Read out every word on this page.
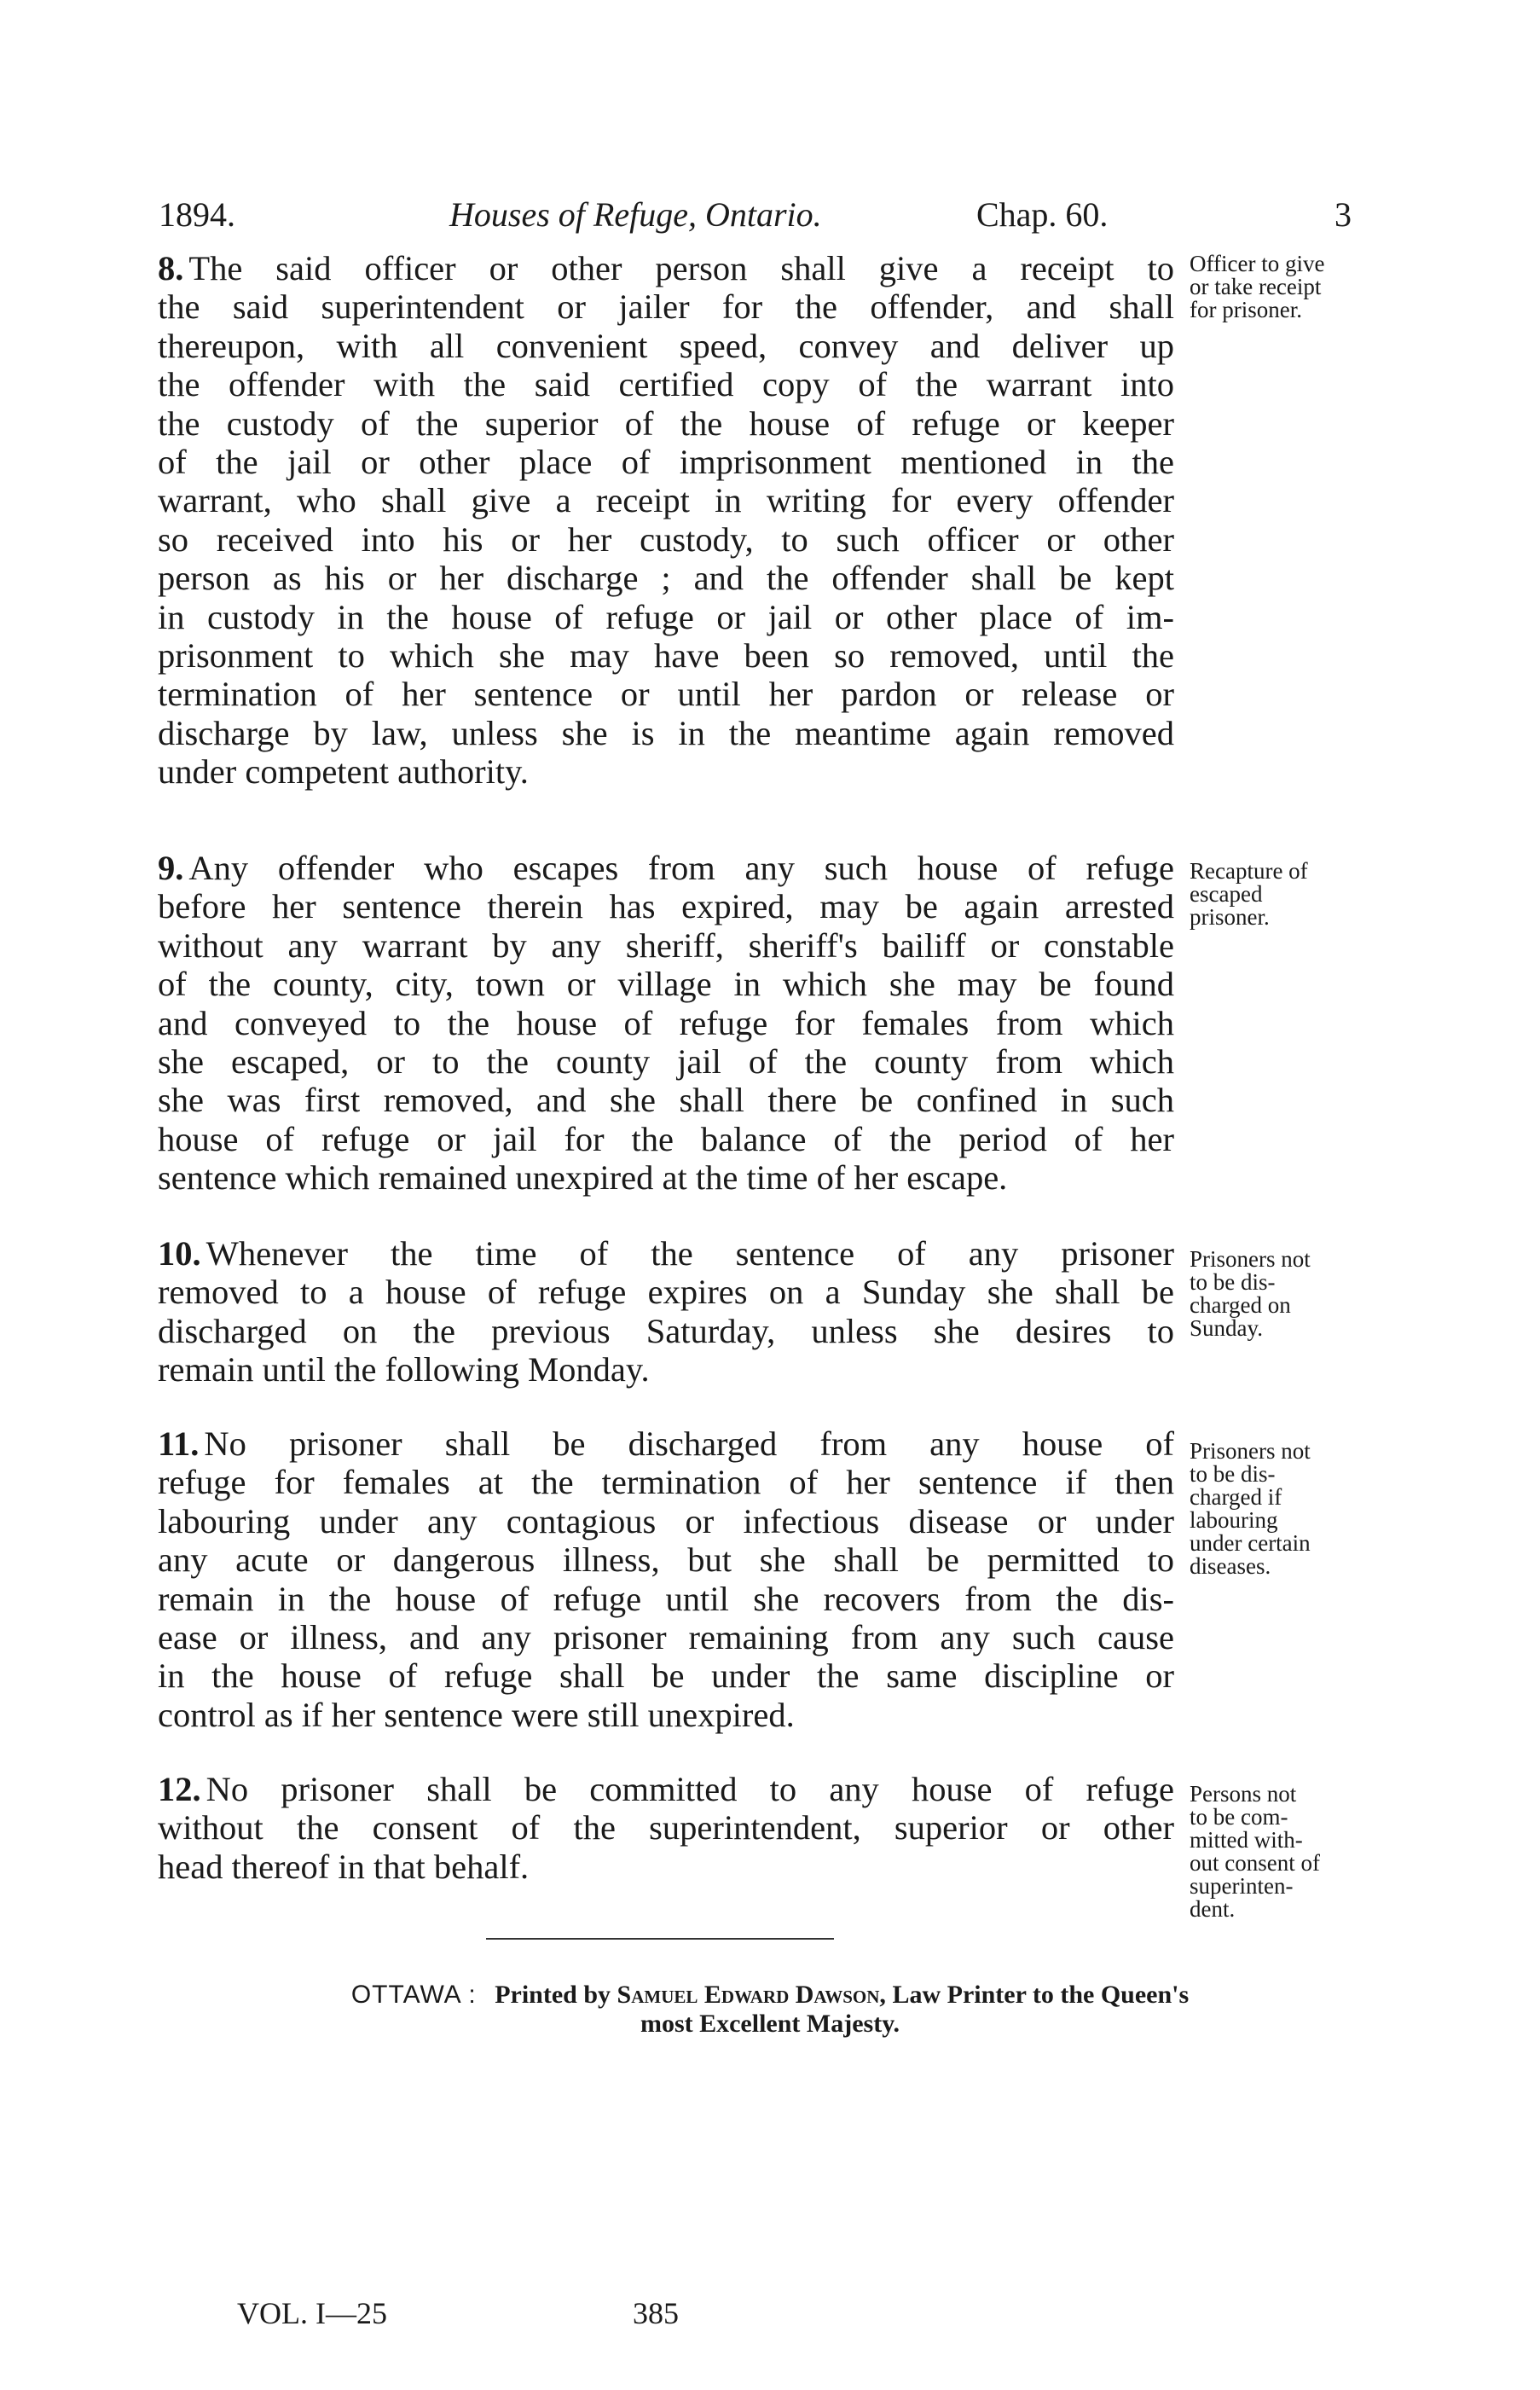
1894.	Houses of Refuge, Ontario.	Chap. 60.	3
8. The said officer or other person shall give a receipt to
the said superintendent or jailer for the offender, and shall
thereupon, with all convenient speed, convey and deliver up
the offender with the said certified copy of the warrant into
the custody of the superior of the house of refuge or keeper
of the jail or other place of imprisonment mentioned in the
warrant, who shall give a receipt in writing for every offender
so received into his or her custody, to such officer or other
person as his or her discharge ; and the offender shall be kept
in custody in the house of refuge or jail or other place of im-
prisonment to which she may have been so removed, until the
termination of her sentence or until her pardon or release or
discharge by law, unless she is in the meantime again removed
under competent authority.
Officer to give
or take receipt
for prisoner.
9. Any offender who escapes from any such house of refuge
before her sentence therein has expired, may be again arrested
without any warrant by any sheriff, sheriff's bailiff or constable
of the county, city, town or village in which she may be found
and conveyed to the house of refuge for females from which
she escaped, or to the county jail of the county from which
she was first removed, and she shall there be confined in such
house of refuge or jail for the balance of the period of her
sentence which remained unexpired at the time of her escape.
Recapture of
escaped
prisoner.
10. Whenever the time of the sentence of any prisoner
removed to a house of refuge expires on a Sunday she shall be
discharged on the previous Saturday, unless she desires to
remain until the following Monday.
Prisoners not
to be dis-
charged on
Sunday.
11. No prisoner shall be discharged from any house of
refuge for females at the termination of her sentence if then
labouring under any contagious or infectious disease or under
any acute or dangerous illness, but she shall be permitted to
remain in the house of refuge until she recovers from the dis-
ease or illness, and any prisoner remaining from any such cause
in the house of refuge shall be under the same discipline or
control as if her sentence were still unexpired.
Prisoners not
to be dis-
charged if
labouring
under certain
diseases.
12. No prisoner shall be committed to any house of refuge
without the consent of the superintendent, superior or other
head thereof in that behalf.
Persons not
to be com-
mitted with-
out consent of
superinten-
dent.
OTTAWA : Printed by Samuel Edward Dawson, Law Printer to the Queen's
most Excellent Majesty.
VOL. I—25	385
